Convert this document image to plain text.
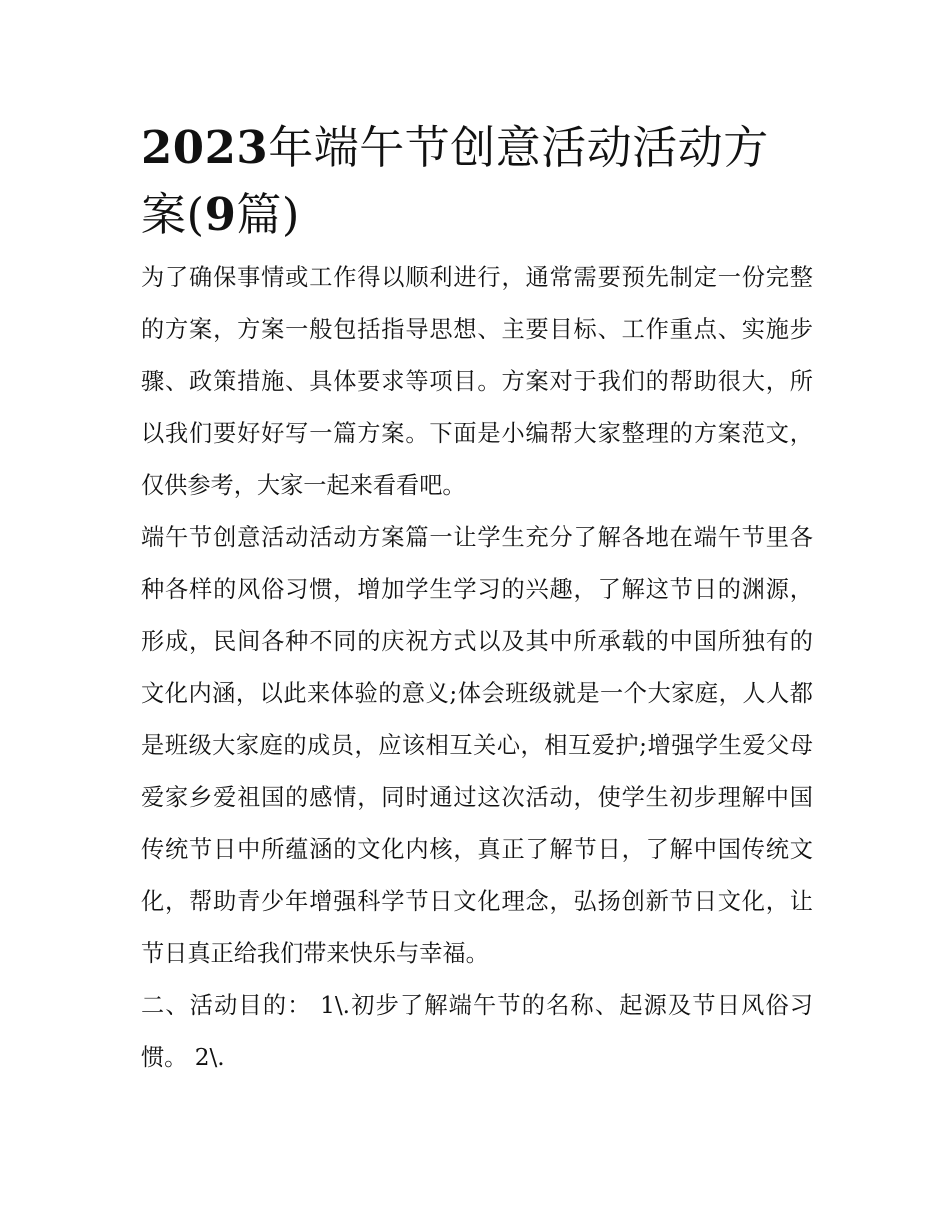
2023年端午节创意活动活动方案(9篇)

为了确保事情或工作得以顺利进行，通常需要预先制定一份完整的方案，方案一般包括指导思想、主要目标、工作重点、实施步骤、政策措施、具体要求等项目。方案对于我们的帮助很大，所以我们要好好写一篇方案。下面是小编帮大家整理的方案范文，仅供参考，大家一起来看看吧。

端午节创意活动活动方案篇一让学生充分了解各地在端午节里各种各样的风俗习惯，增加学生学习的兴趣，了解这节日的渊源，形成，民间各种不同的庆祝方式以及其中所承载的中国所独有的文化内涵，以此来体验的意义;体会班级就是一个大家庭，人人都是班级大家庭的成员，应该相互关心，相互爱护;增强学生爱父母爱家乡爱祖国的感情，同时通过这次活动，使学生初步理解中国传统节日中所蕴涵的文化内核，真正了解节日，了解中国传统文化，帮助青少年增强科学节日文化理念，弘扬创新节日文化，让节日真正给我们带来快乐与幸福。

二、活动目的： 1\.初步了解端午节的名称、起源及节日风俗习惯。 2\.
